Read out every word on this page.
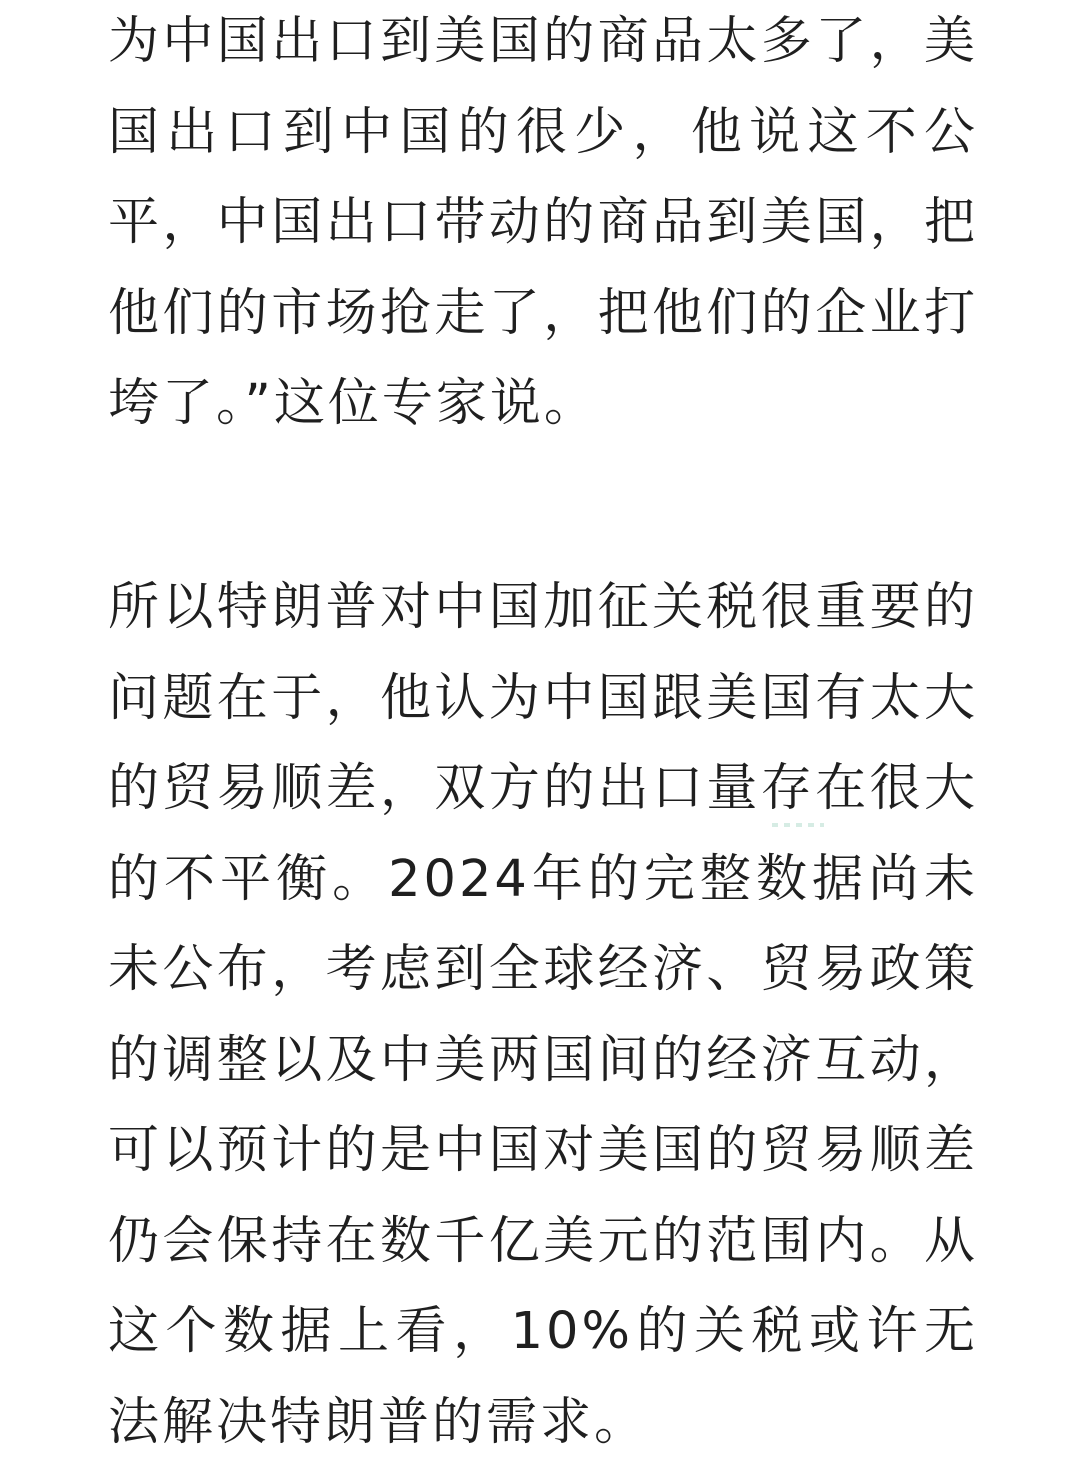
为中国出口到美国的商品太多了，美国出口到中国的很少，他说这不公平，中国出口带动的商品到美国，把他们的市场抢走了，把他们的企业打垮了。”这位专家说。

所以特朗普对中国加征关税很重要的问题在于，他认为中国跟美国有太大的贸易顺差，双方的出口量存在很大的不平衡。2024年的完整数据尚未未公布，考虑到全球经济、贸易政策的调整以及中美两国间的经济互动，可以预计的是中国对美国的贸易顺差仍会保持在数千亿美元的范围内。从这个数据上看，10%的关税或许无法解决特朗普的需求。
